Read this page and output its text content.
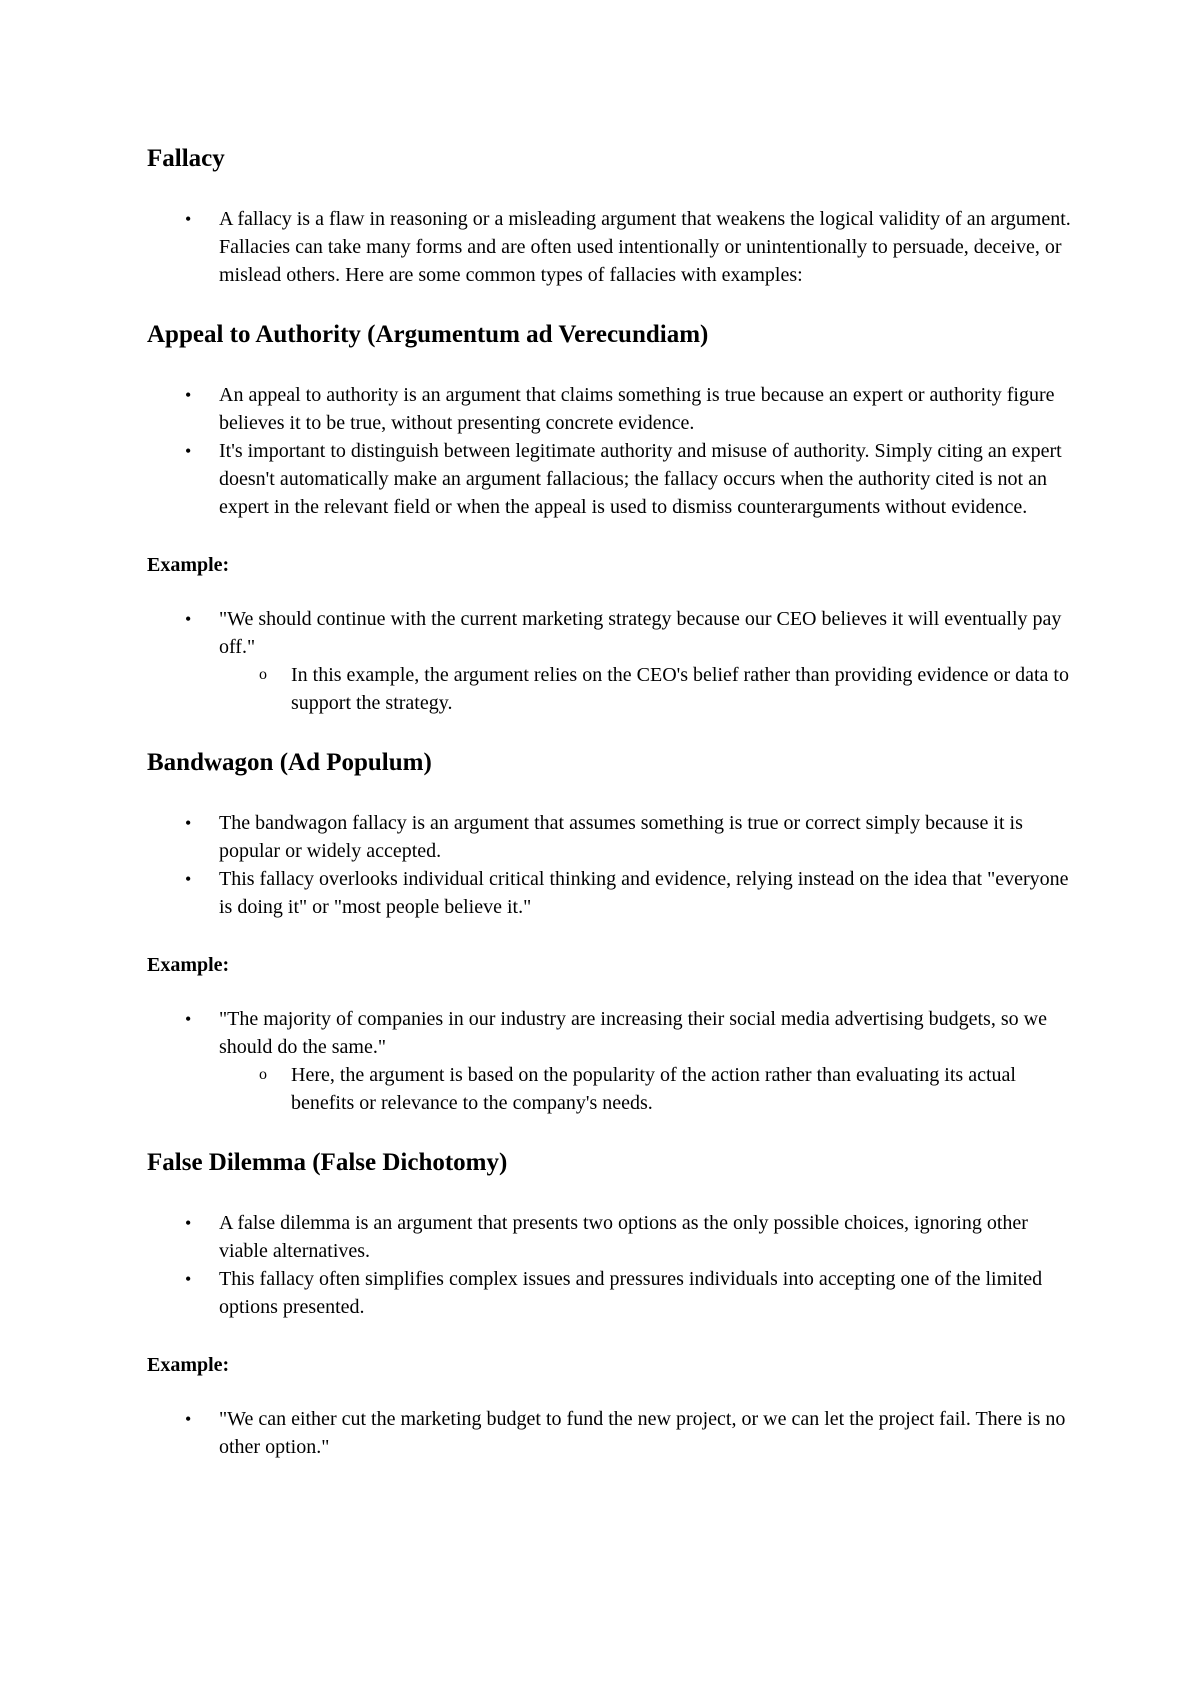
Fallacy
• A fallacy is a flaw in reasoning or a misleading argument that weakens the logical validity of an argument. Fallacies can take many forms and are often used intentionally or unintentionally to persuade, deceive, or mislead others. Here are some common types of fallacies with examples:
Appeal to Authority (Argumentum ad Verecundiam)
• An appeal to authority is an argument that claims something is true because an expert or authority figure believes it to be true, without presenting concrete evidence.
• It's important to distinguish between legitimate authority and misuse of authority. Simply citing an expert doesn't automatically make an argument fallacious; the fallacy occurs when the authority cited is not an expert in the relevant field or when the appeal is used to dismiss counterarguments without evidence.

Example:

• "We should continue with the current marketing strategy because our CEO believes it will eventually pay off."
o In this example, the argument relies on the CEO's belief rather than providing evidence or data to support the strategy.
Bandwagon (Ad Populum)
• The bandwagon fallacy is an argument that assumes something is true or correct simply because it is popular or widely accepted.
• This fallacy overlooks individual critical thinking and evidence, relying instead on the idea that "everyone is doing it" or "most people believe it."

Example:

• "The majority of companies in our industry are increasing their social media advertising budgets, so we should do the same."
o Here, the argument is based on the popularity of the action rather than evaluating its actual benefits or relevance to the company's needs.
False Dilemma (False Dichotomy)
• A false dilemma is an argument that presents two options as the only possible choices, ignoring other viable alternatives.
• This fallacy often simplifies complex issues and pressures individuals into accepting one of the limited options presented.

Example:

• "We can either cut the marketing budget to fund the new project, or we can let the project fail. There is no other option."
